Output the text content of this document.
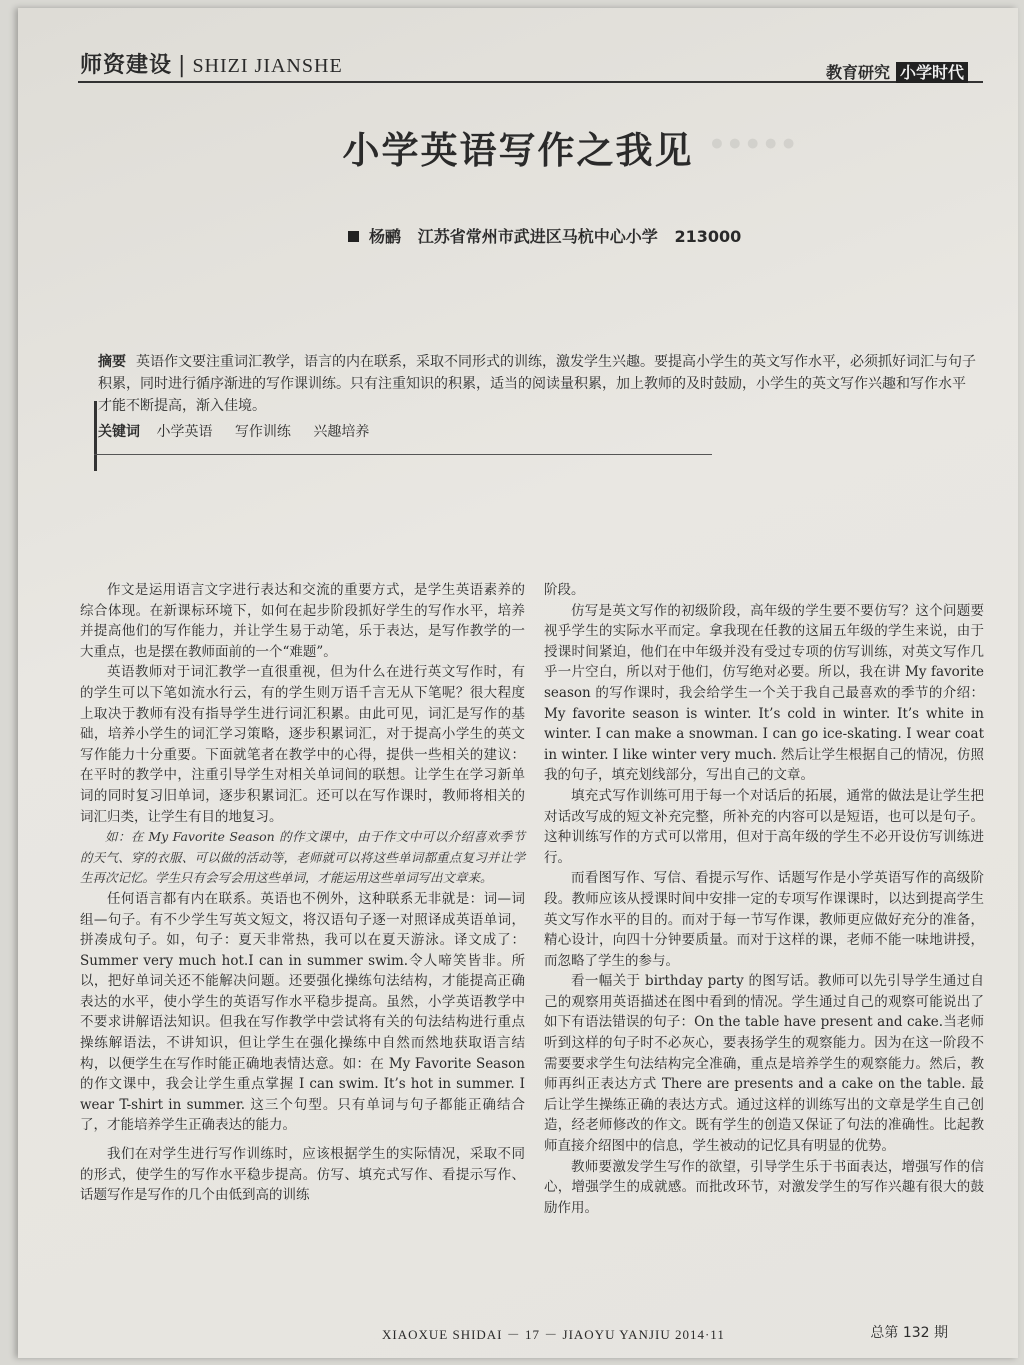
•••••
师资建设 | SHIZI JIANSHE	教育研究 小学时代
小学英语写作之我见
杨鹂 江苏省常州市武进区马杭中心小学 213000
摘要 英语作文要注重词汇教学，语言的内在联系，采取不同形式的训练，激发学生兴趣。要提高小学生的英文写作水平，必须抓好词汇与句子积累，同时进行循序渐进的写作课训练。只有注重知识的积累，适当的阅读量积累，加上教师的及时鼓励，小学生的英文写作兴趣和写作水平才能不断提高，渐入佳境。
关键词 小学英语 写作训练 兴趣培养

作文是运用语言文字进行表达和交流的重要方式，是学生英语素养的综合体现。在新课标环境下，如何在起步阶段抓好学生的写作水平，培养并提高他们的写作能力，并让学生易于动笔，乐于表达，是写作教学的一大重点，也是摆在教师面前的一个“难题”。

英语教师对于词汇教学一直很重视，但为什么在进行英文写作时，有的学生可以下笔如流水行云，有的学生则万语千言无从下笔呢？很大程度上取决于教师有没有指导学生进行词汇积累。由此可见，词汇是写作的基础，培养小学生的词汇学习策略，逐步积累词汇，对于提高小学生的英文写作能力十分重要。下面就笔者在教学中的心得，提供一些相关的建议：在平时的教学中，注重引导学生对相关单词间的联想。让学生在学习新单词的同时复习旧单词，逐步积累词汇。还可以在写作课时，教师将相关的词汇归类，让学生有目的地复习。

如：在 My Favorite Season 的作文课中，由于作文中可以介绍喜欢季节的天气、穿的衣服、可以做的活动等，老师就可以将这些单词都重点复习并让学生再次记忆。学生只有会写会用这些单词，才能运用这些单词写出文章来。

任何语言都有内在联系。英语也不例外，这种联系无非就是：词—词组—句子。有不少学生写英文短文，将汉语句子逐一对照译成英语单词，拼凑成句子。如，句子：夏天非常热，我可以在夏天游泳。译文成了：Summer very much hot.I can in summer swim.令人啼笑皆非。所以，把好单词关还不能解决问题。还要强化操练句法结构，才能提高正确表达的水平，使小学生的英语写作水平稳步提高。虽然，小学英语教学中不要求讲解语法知识。但我在写作教学中尝试将有关的句法结构进行重点操练解语法，不讲知识，但让学生在强化操练中自然而然地获取语言结构，以便学生在写作时能正确地表情达意。如：在 My Favorite Season 的作文课中，我会让学生重点掌握 I can swim. It’s hot in summer. I wear T-shirt in summer. 这三个句型。只有单词与句子都能正确结合了，才能培养学生正确表达的能力。

我们在对学生进行写作训练时，应该根据学生的实际情况，采取不同的形式，使学生的写作水平稳步提高。仿写、填充式写作、看提示写作、话题写作是写作的几个由低到高的训练

阶段。

仿写是英文写作的初级阶段，高年级的学生要不要仿写？这个问题要视乎学生的实际水平而定。拿我现在任教的这届五年级的学生来说，由于授课时间紧迫，他们在中年级并没有受过专项的仿写训练，对英文写作几乎一片空白，所以对于他们，仿写绝对必要。所以，我在讲 My favorite season 的写作课时，我会给学生一个关于我自己最喜欢的季节的介绍：My favorite season is winter. It’s cold in winter. It’s white in winter. I can make a snowman. I can go ice-skating. I wear coat in winter. I like winter very much. 然后让学生根据自己的情况，仿照我的句子，填充划线部分，写出自己的文章。

填充式写作训练可用于每一个对话后的拓展，通常的做法是让学生把对话改写成的短文补充完整，所补充的内容可以是短语，也可以是句子。这种训练写作的方式可以常用，但对于高年级的学生不必开设仿写训练进行。

而看图写作、写信、看提示写作、话题写作是小学英语写作的高级阶段。教师应该从授课时间中安排一定的专项写作课课时，以达到提高学生英文写作水平的目的。而对于每一节写作课，教师更应做好充分的准备，精心设计，向四十分钟要质量。而对于这样的课，老师不能一味地讲授，而忽略了学生的参与。

看一幅关于 birthday party 的图写话。教师可以先引导学生通过自己的观察用英语描述在图中看到的情况。学生通过自己的观察可能说出了如下有语法错误的句子：On the table have present and cake.当老师听到这样的句子时不必灰心，要表扬学生的观察能力。因为在这一阶段不需要要求学生句法结构完全准确，重点是培养学生的观察能力。然后，教师再纠正表达方式 There are presents and a cake on the table. 最后让学生操练正确的表达方式。通过这样的训练写出的文章是学生自己创造，经老师修改的作文。既有学生的创造又保证了句法的准确性。比起教师直接介绍图中的信息，学生被动的记忆具有明显的优势。

教师要激发学生写作的欲望，引导学生乐于书面表达，增强写作的信心，增强学生的成就感。而批改环节，对激发学生的写作兴趣有很大的鼓励作用。

XIAOXUE SHIDAI － 17 － JIAOYU YANJIU 2014·11	总第 132 期
